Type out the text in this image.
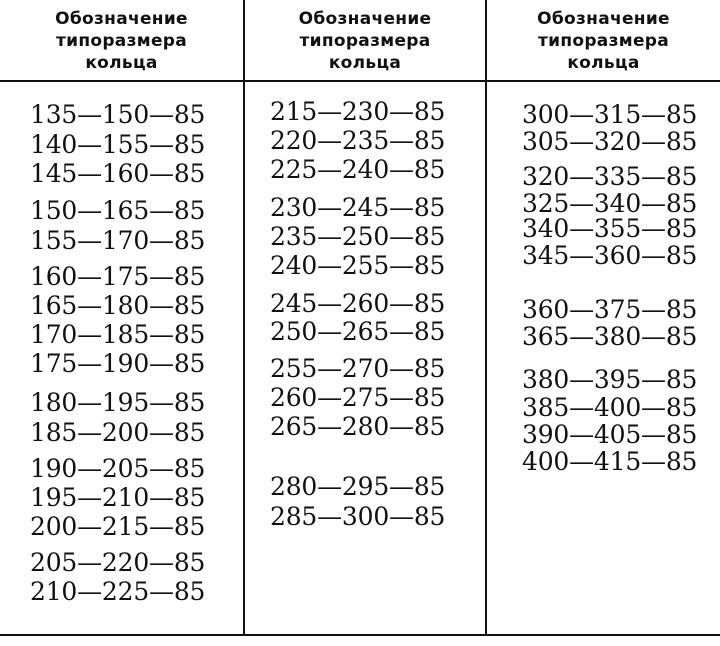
Обозначение
типоразмера
кольца
Обозначение
типоразмера
кольца
Обозначение
типоразмера
кольца
135—150—85
140—155—85
145—160—85
150—165—85
155—170—85
160—175—85
165—180—85
170—185—85
175—190—85
180—195—85
185—200—85
190—205—85
195—210—85
200—215—85
205—220—85
210—225—85
215—230—85
220—235—85
225—240—85
230—245—85
235—250—85
240—255—85
245—260—85
250—265—85
255—270—85
260—275—85
265—280—85
280—295—85
285—300—85
300—315—85
305—320—85
320—335—85
325—340—85
340—355—85
345—360—85
360—375—85
365—380—85
380—395—85
385—400—85
390—405—85
400—415—85
